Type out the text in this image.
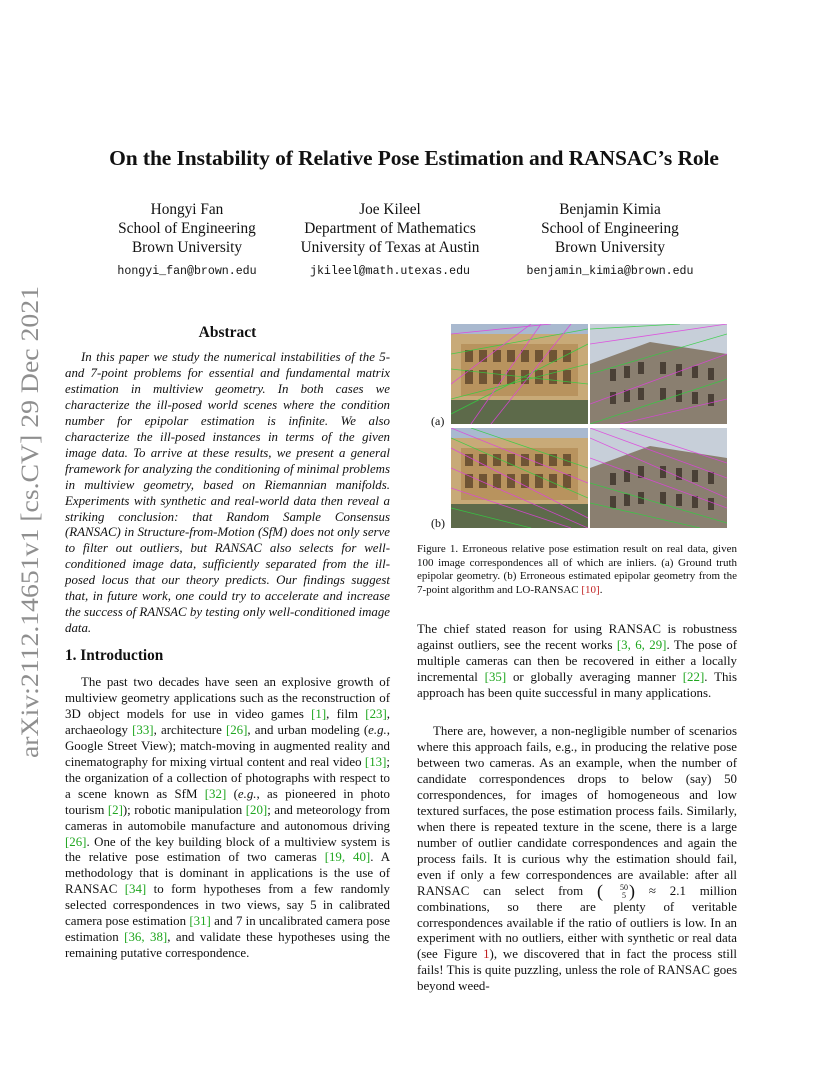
arXiv:2112.14651v1 [cs.CV] 29 Dec 2021
On the Instability of Relative Pose Estimation and RANSAC’s Role
Hongyi Fan
School of Engineering
Brown University
hongyi_fan@brown.edu
Joe Kileel
Department of Mathematics
University of Texas at Austin
jkileel@math.utexas.edu
Benjamin Kimia
School of Engineering
Brown University
benjamin_kimia@brown.edu
Abstract
In this paper we study the numerical instabilities of the 5- and 7-point problems for essential and fundamental matrix estimation in multiview geometry. In both cases we characterize the ill-posed world scenes where the condition number for epipolar estimation is infinite. We also characterize the ill-posed instances in terms of the given image data. To arrive at these results, we present a general framework for analyzing the conditioning of minimal problems in multiview geometry, based on Riemannian manifolds. Experiments with synthetic and real-world data then reveal a striking conclusion: that Random Sample Consensus (RANSAC) in Structure-from-Motion (SfM) does not only serve to filter out outliers, but RANSAC also selects for well-conditioned image data, sufficiently separated from the ill-posed locus that our theory predicts. Our findings suggest that, in future work, one could try to accelerate and increase the success of RANSAC by testing only well-conditioned image data.
1. Introduction
The past two decades have seen an explosive growth of multiview geometry applications such as the reconstruction of 3D object models for use in video games [1], film [23], archaeology [33], architecture [26], and urban modeling (e.g., Google Street View); match-moving in augmented reality and cinematography for mixing virtual content and real video [13]; the organization of a collection of photographs with respect to a scene known as SfM [32] (e.g., as pioneered in photo tourism [2]); robotic manipulation [20]; and meteorology from cameras in automobile manufacture and autonomous driving [26]. One of the key building block of a multiview system is the relative pose estimation of two cameras [19, 40]. A methodology that is dominant in applications is the use of RANSAC [34] to form hypotheses from a few randomly selected correspondences in two views, say 5 in calibrated camera pose estimation [31] and 7 in uncalibrated camera pose estimation [36, 38], and validate these hypotheses using the remaining putative correspondence.
(a)
(b)
Figure 1. Erroneous relative pose estimation result on real data, given 100 image correspondences all of which are inliers. (a) Ground truth epipolar geometry. (b) Erroneous estimated epipolar geometry from the 7-point algorithm and LO-RANSAC [10].
The chief stated reason for using RANSAC is robustness against outliers, see the recent works [3, 6, 29]. The pose of multiple cameras can then be recovered in either a locally incremental [35] or globally averaging manner [22]. This approach has been quite successful in many applications.
There are, however, a non-negligible number of scenarios where this approach fails, e.g., in producing the relative pose between two cameras. As an example, when the number of candidate correspondences drops to below (say) 50 correspondences, for images of homogeneous and low textured surfaces, the pose estimation process fails. Similarly, when there is repeated texture in the scene, there is a large number of outlier candidate correspondences and again the process fails. It is curious why the estimation should fail, even if only a few correspondences are available: after all RANSAC can select from (	50
5 ) ≈ 2.1 million combinations, so there are plenty of veritable correspondences available if the ratio of outliers is low. In an experiment with no outliers, either with synthetic or real data (see Figure 1), we discovered that in fact the process still fails! This is quite puzzling, unless the role of RANSAC goes beyond weed-
